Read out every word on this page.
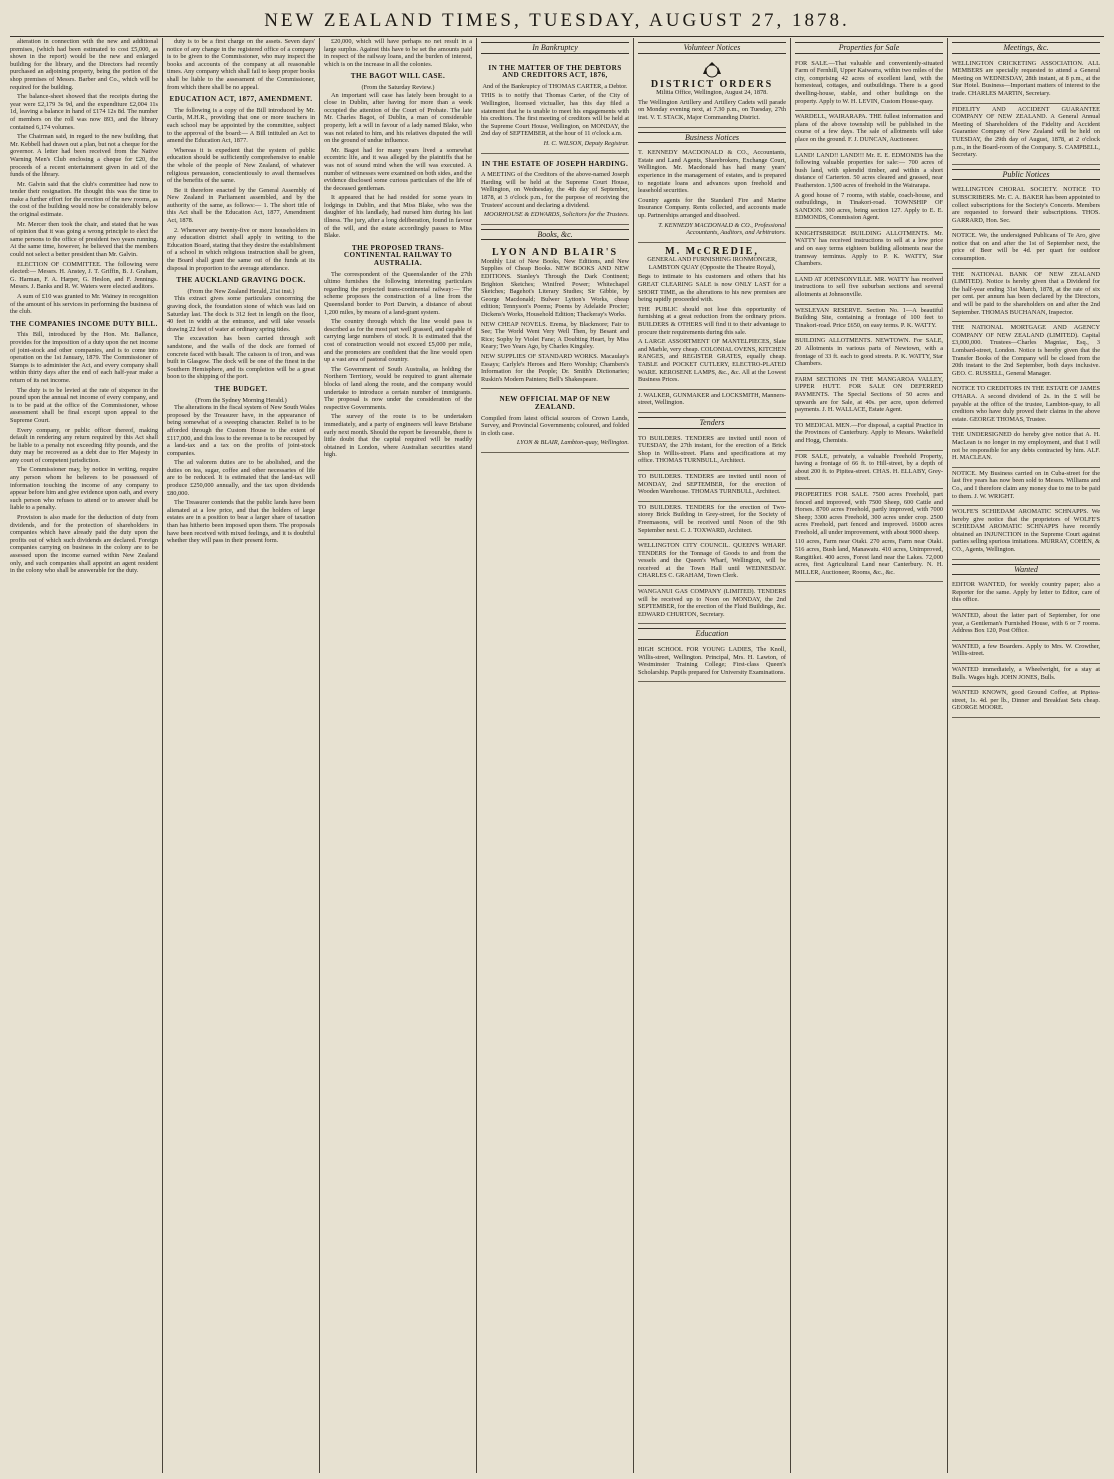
NEW ZEALAND TIMES, TUESDAY, AUGUST 27, 1878.

alteration in connection with the new and additional premises, (which had been estimated to cost £5,000, as shown in the report) would be the new and enlarged building for the library, and the Directors had recently purchased an adjoining property, being the portion of the shop premises of Messrs. Barber and Co., which will be required for the building.

The balance-sheet showed that the receipts during the year were £2,179 3s 9d, and the expenditure £2,004 11s 1d, leaving a balance in hand of £174 12s 8d. The number of members on the roll was now 893, and the library contained 6,174 volumes.

The Chairman said, in regard to the new building, that Mr. Kebbell had drawn out a plan, but not a cheque for the governor. A letter had been received from the Native Warning Men's Club enclosing a cheque for £20, the proceeds of a recent entertainment given in aid of the funds of the library.

Mr. Galvin said that the club's committee had now to tender their resignation. He thought this was the time to make a further effort for the erection of the new rooms, as the cost of the building would now be considerably below the original estimate.

Mr. Mercer then took the chair, and stated that he was of opinion that it was going a wrong principle to elect the same persons to the office of president two years running. At the same time, however, he believed that the members could not select a better president than Mr. Galvin.

ELECTION OF COMMITTEE. The following were elected:— Messrs. H. Anstey, J. T. Griffin, B. J. Graham, G. Harman, F. A. Harper, G. Heslon, and F. Jennings. Messrs. J. Banks and R. W. Waters were elected auditors.

A sum of £10 was granted to Mr. Wainey in recognition of the amount of his services in performing the business of the club.

THE COMPANIES INCOME DUTY BILL.

This Bill, introduced by the Hon. Mr. Ballance, provides for the imposition of a duty upon the net income of joint-stock and other companies, and is to come into operation on the 1st January, 1879. The Commissioner of Stamps is to administer the Act, and every company shall within thirty days after the end of each half-year make a return of its net income.

The duty is to be levied at the rate of sixpence in the pound upon the annual net income of every company, and is to be paid at the office of the Commissioner, whose assessment shall be final except upon appeal to the Supreme Court.

Every company, or public officer thereof, making default in rendering any return required by this Act shall be liable to a penalty not exceeding fifty pounds, and the duty may be recovered as a debt due to Her Majesty in any court of competent jurisdiction.

The Commissioner may, by notice in writing, require any person whom he believes to be possessed of information touching the income of any company to appear before him and give evidence upon oath, and every such person who refuses to attend or to answer shall be liable to a penalty.

Provision is also made for the deduction of duty from dividends, and for the protection of shareholders in companies which have already paid the duty upon the profits out of which such dividends are declared. Foreign companies carrying on business in the colony are to be assessed upon the income earned within New Zealand only, and such companies shall appoint an agent resident in the colony who shall be answerable for the duty.

duty is to be a first charge on the assets. Seven days' notice of any change in the registered office of a company is to be given to the Commissioner, who may inspect the books and accounts of the company at all reasonable times. Any company which shall fail to keep proper books shall be liable to the assessment of the Commissioner, from which there shall be no appeal.

EDUCATION ACT, 1877, AMENDMENT.

The following is a copy of the Bill introduced by Mr. Curtis, M.H.R., providing that one or more teachers in each school may be appointed by the committee, subject to the approval of the board:— A Bill intituled an Act to amend the Education Act, 1877.

Whereas it is expedient that the system of public education should be sufficiently comprehensive to enable the whole of the people of New Zealand, of whatever religious persuasion, conscientiously to avail themselves of the benefits of the same.

Be it therefore enacted by the General Assembly of New Zealand in Parliament assembled, and by the authority of the same, as follows:— 1. The short title of this Act shall be the Education Act, 1877, Amendment Act, 1878.

2. Whenever any twenty-five or more householders in any education district shall apply in writing to the Education Board, stating that they desire the establishment of a school in which religious instruction shall be given, the Board shall grant the same out of the funds at its disposal in proportion to the average attendance.

THE AUCKLAND GRAVING DOCK.
(From the New Zealand Herald, 21st inst.)

This extract gives some particulars concerning the graving dock, the foundation stone of which was laid on Saturday last. The dock is 312 feet in length on the floor, 40 feet in width at the entrance, and will take vessels drawing 22 feet of water at ordinary spring tides.

The excavation has been carried through soft sandstone, and the walls of the dock are formed of concrete faced with basalt. The caisson is of iron, and was built in Glasgow. The dock will be one of the finest in the Southern Hemisphere, and its completion will be a great boon to the shipping of the port.

THE BUDGET.
(From the Sydney Morning Herald.)

The alterations in the fiscal system of New South Wales proposed by the Treasurer have, in the appearance of being somewhat of a sweeping character. Relief is to be afforded through the Custom House to the extent of £117,000, and this loss to the revenue is to be recouped by a land-tax and a tax on the profits of joint-stock companies.

The ad valorem duties are to be abolished, and the duties on tea, sugar, coffee and other necessaries of life are to be reduced. It is estimated that the land-tax will produce £250,000 annually, and the tax upon dividends £80,000.

The Treasurer contends that the public lands have been alienated at a low price, and that the holders of large estates are in a position to bear a larger share of taxation than has hitherto been imposed upon them. The proposals have been received with mixed feelings, and it is doubtful whether they will pass in their present form.

£20,000, which will have perhaps no net result in a large surplus. Against this have to be set the amounts paid in respect of the railway loans, and the burden of interest, which is on the increase in all the colonies.

THE BAGOT WILL CASE.
(From the Saturday Review.)

An important will case has lately been brought to a close in Dublin, after having for more than a week occupied the attention of the Court of Probate. The late Mr. Charles Bagot, of Dublin, a man of considerable property, left a will in favour of a lady named Blake, who was not related to him, and his relatives disputed the will on the ground of undue influence.

Mr. Bagot had for many years lived a somewhat eccentric life, and it was alleged by the plaintiffs that he was not of sound mind when the will was executed. A number of witnesses were examined on both sides, and the evidence disclosed some curious particulars of the life of the deceased gentleman.

It appeared that he had resided for some years in lodgings in Dublin, and that Miss Blake, who was the daughter of his landlady, had nursed him during his last illness. The jury, after a long deliberation, found in favour of the will, and the estate accordingly passes to Miss Blake.

THE PROPOSED TRANS-CONTINENTAL RAILWAY TO AUSTRALIA.

The correspondent of the Queenslander of the 27th ultimo furnishes the following interesting particulars regarding the projected trans-continental railway:— The scheme proposes the construction of a line from the Queensland border to Port Darwin, a distance of about 1,200 miles, by means of a land-grant system.

The country through which the line would pass is described as for the most part well grassed, and capable of carrying large numbers of stock. It is estimated that the cost of construction would not exceed £5,000 per mile, and the promoters are confident that the line would open up a vast area of pastoral country.

The Government of South Australia, as holding the Northern Territory, would be required to grant alternate blocks of land along the route, and the company would undertake to introduce a certain number of immigrants. The proposal is now under the consideration of the respective Governments.

The survey of the route is to be undertaken immediately, and a party of engineers will leave Brisbane early next month. Should the report be favourable, there is little doubt that the capital required will be readily obtained in London, where Australian securities stand high.

In Bankruptcy
IN THE MATTER OF THE DEBTORS AND CREDITORS ACT, 1876,

And of the Bankruptcy of THOMAS CARTER, a Debtor.

THIS is to notify that Thomas Carter, of the City of Wellington, licensed victualler, has this day filed a statement that he is unable to meet his engagements with his creditors. The first meeting of creditors will be held at the Supreme Court House, Wellington, on MONDAY, the 2nd day of SEPTEMBER, at the hour of 11 o'clock a.m.

H. C. WILSON, Deputy Registrar.

IN THE ESTATE OF JOSEPH HARDING.

A MEETING of the Creditors of the above-named Joseph Harding will be held at the Supreme Court House, Wellington, on Wednesday, the 4th day of September, 1878, at 3 o'clock p.m., for the purpose of receiving the Trustees' account and declaring a dividend.

MOORHOUSE & EDWARDS, Solicitors for the Trustees.

Books, &c.
LYON AND BLAIR'S

Monthly List of New Books, New Editions, and New Supplies of Cheap Books. NEW BOOKS AND NEW EDITIONS. Stanley's Through the Dark Continent; Brighton Sketches; Winifred Power; Whitechapel Sketches; Bagehot's Literary Studies; Sir Gibbie, by George Macdonald; Bulwer Lytton's Works, cheap edition; Tennyson's Poems; Poems by Adelaide Procter; Dickens's Works, Household Edition; Thackeray's Works.

NEW CHEAP NOVELS. Erema, by Blackmore; Fair to See; The World Went Very Well Then, by Besant and Rice; Sophy by Violet Fane; A Doubting Heart, by Miss Keary; Two Years Ago, by Charles Kingsley.

NEW SUPPLIES OF STANDARD WORKS. Macaulay's Essays; Carlyle's Heroes and Hero Worship; Chambers's Information for the People; Dr. Smith's Dictionaries; Ruskin's Modern Painters; Bell's Shakespeare.

NEW OFFICIAL MAP OF NEW ZEALAND.

Compiled from latest official sources of Crown Lands, Survey, and Provincial Governments; coloured, and folded in cloth case.

LYON & BLAIR, Lambton-quay, Wellington.

Volunteer Notices
DISTRICT ORDERS

Militia Office, Wellington, August 24, 1878.

The Wellington Artillery and Artillery Cadets will parade on Monday evening next, at 7.30 p.m., on Tuesday, 27th inst. V. T. STACK, Major Commanding District.

Business Notices

T. KENNEDY MACDONALD & CO., Accountants, Estate and Land Agents, Sharebrokers, Exchange Court, Wellington. Mr. Macdonald has had many years' experience in the management of estates, and is prepared to negotiate loans and advances upon freehold and leasehold securities.

Country agents for the Standard Fire and Marine Insurance Company. Rents collected, and accounts made up. Partnerships arranged and dissolved.

T. KENNEDY MACDONALD & CO., Professional Accountants, Auditors, and Arbitrators.

M. McCREDIE,

GENERAL AND FURNISHING IRONMONGER, LAMBTON QUAY (Opposite the Theatre Royal),

Begs to intimate to his customers and others that his GREAT CLEARING SALE is now ONLY LAST for a SHORT TIME, as the alterations to his new premises are being rapidly proceeded with.

THE PUBLIC should not lose this opportunity of furnishing at a great reduction from the ordinary prices. BUILDERS & OTHERS will find it to their advantage to procure their requirements during this sale.

A LARGE ASSORTMENT OF MANTELPIECES, Slate and Marble, very cheap. COLONIAL OVENS, KITCHEN RANGES, and REGISTER GRATES, equally cheap. TABLE and POCKET CUTLERY, ELECTRO-PLATED WARE. KEROSENE LAMPS, &c., &c. All at the Lowest Business Prices.

J. WALKER, GUNMAKER and LOCKSMITH, Manners-street, Wellington.

Tenders

TO BUILDERS. TENDERS are invited until noon of TUESDAY, the 27th instant, for the erection of a Brick Shop in Willis-street. Plans and specifications at my office. THOMAS TURNBULL, Architect.

TO BUILDERS. TENDERS are invited until noon of MONDAY, 2nd SEPTEMBER, for the erection of Wooden Warehouse. THOMAS TURNBULL, Architect.

TO BUILDERS. TENDERS for the erection of Two-storey Brick Building in Grey-street, for the Society of Freemasons, will be received until Noon of the 9th September next. C. J. TOXWARD, Architect.

WELLINGTON CITY COUNCIL. QUEEN'S WHARF. TENDERS for the Tonnage of Goods to and from the vessels and the Queen's Wharf, Wellington, will be received at the Town Hall until WEDNESDAY. CHARLES C. GRAHAM, Town Clerk.

WANGANUI GAS COMPANY (LIMITED). TENDERS will be received up to Noon on MONDAY, the 2nd SEPTEMBER, for the erection of the Fluid Buildings, &c. EDWARD CHURTON, Secretary.

Education

HIGH SCHOOL FOR YOUNG LADIES, The Knoll, Willis-street, Wellington. Principal, Mrs. H. Lawton, of Westminster Training College; First-class Queen's Scholarship. Pupils prepared for University Examinations.

Properties for Sale

FOR SALE.—That valuable and conveniently-situated Farm of Fernhill, Upper Kaiwarra, within two miles of the city, comprising 42 acres of excellent land, with the homestead, cottages, and outbuildings. There is a good dwelling-house, stable, and other buildings on the property. Apply to W. H. LEVIN, Custom House-quay.

WARDELL, WAIRARAPA. THE fullest information and plans of the above township will be published in the course of a few days. The sale of allotments will take place on the ground. F. J. DUNCAN, Auctioneer.

LAND! LAND!! LAND!!! Mr. E. E. EDMONDS has the following valuable properties for sale:— 700 acres of bush land, with splendid timber, and within a short distance of Carterton. 50 acres cleared and grassed, near Featherston. 1,500 acres of freehold in the Wairarapa.

A good house of 7 rooms, with stable, coach-house, and outbuildings, in Tinakori-road. TOWNSHIP OF SANDON. 300 acres, being section 127. Apply to E. E. EDMONDS, Commission Agent.

KNIGHTSBRIDGE BUILDING ALLOTMENTS. Mr. WATTY has received instructions to sell at a low price and on easy terms eighteen building allotments near the tramway terminus. Apply to P. K. WATTY, Star Chambers.

LAND AT JOHNSONVILLE. MR. WATTY has received instructions to sell five suburban sections and several allotments at Johnsonville.

WESLEYAN RESERVE. Section No. 1—A beautiful Building Site, containing a frontage of 100 feet to Tinakori-road. Price £650, on easy terms. P. K. WATTY.

BUILDING ALLOTMENTS. NEWTOWN. For SALE, 20 Allotments in various parts of Newtown, with a frontage of 33 ft. each to good streets. P. K. WATTY, Star Chambers.

FARM SECTIONS IN THE MANGAROA VALLEY, UPPER HUTT. FOR SALE ON DEFERRED PAYMENTS. The Special Sections of 50 acres and upwards are for Sale, at 40s. per acre, upon deferred payments. J. H. WALLACE, Estate Agent.

TO MEDICAL MEN.—For disposal, a capital Practice in the Provinces of Canterbury. Apply to Messrs. Wakefield and Hogg, Chemists.

FOR SALE, privately, a valuable Freehold Property, having a frontage of 66 ft. to Hill-street, by a depth of about 200 ft. to Pipitea-street. CHAS. H. ELLABY, Grey-street.

PROPERTIES FOR SALE. 7500 acres Freehold, part fenced and improved, with 7500 Sheep, 600 Cattle and Horses. 8700 acres Freehold, partly improved, with 7000 Sheep; 3300 acres Freehold, 300 acres under crop. 2500 acres Freehold, part fenced and improved. 16000 acres Freehold, all under improvement, with about 9000 sheep.

110 acres, Farm near Otaki. 270 acres, Farm near Otaki. 516 acres, Bush land, Manawatu. 410 acres, Unimproved, Rangitikei. 400 acres, Forest land near the Lakes. 72,000 acres, first Agricultural Land near Canterbury. N. H. MILLER, Auctioneer, Rooms, &c., &c.

Meetings, &c.

WELLINGTON CRICKETING ASSOCIATION. ALL MEMBERS are specially requested to attend a General Meeting on WEDNESDAY, 28th instant, at 8 p.m., at the Star Hotel. Business—Important matters of interest to the trade. CHARLES MARTIN, Secretary.

FIDELITY AND ACCIDENT GUARANTEE COMPANY OF NEW ZEALAND. A General Annual Meeting of Shareholders of the Fidelity and Accident Guarantee Company of New Zealand will be held on TUESDAY, the 29th day of August, 1878, at 2 o'clock p.m., in the Board-room of the Company. S. CAMPBELL, Secretary.

Public Notices

WELLINGTON CHORAL SOCIETY. NOTICE TO SUBSCRIBERS. Mr. C. A. BAKER has been appointed to collect subscriptions for the Society's Concerts. Members are requested to forward their subscriptions. THOS. GARRARD, Hon. Sec.

NOTICE. We, the undersigned Publicans of Te Aro, give notice that on and after the 1st of September next, the price of Beer will be 4d. per quart for outdoor consumption.

THE NATIONAL BANK OF NEW ZEALAND (LIMITED). Notice is hereby given that a Dividend for the half-year ending 31st March, 1878, at the rate of six per cent. per annum has been declared by the Directors, and will be paid to the shareholders on and after the 2nd September. THOMAS BUCHANAN, Inspector.

THE NATIONAL MORTGAGE AND AGENCY COMPANY OF NEW ZEALAND (LIMITED). Capital £3,000,000. Trustees—Charles Magniac, Esq., 3 Lombard-street, London. Notice is hereby given that the Transfer Books of the Company will be closed from the 20th instant to the 2nd September, both days inclusive. GEO. C. RUSSELL, General Manager.

NOTICE TO CREDITORS IN THE ESTATE OF JAMES O'HARA. A second dividend of 2s. in the £ will be payable at the office of the trustee, Lambton-quay, to all creditors who have duly proved their claims in the above estate. GEORGE THOMAS, Trustee.

THE UNDERSIGNED do hereby give notice that A. H. MacLean is no longer in my employment, and that I will not be responsible for any debts contracted by him. ALF. H. MACLEAN.

NOTICE. My Business carried on in Cuba-street for the last five years has now been sold to Messrs. Williams and Co., and I therefore claim any money due to me to be paid to them. J. W. WRIGHT.

WOLFE'S SCHIEDAM AROMATIC SCHNAPPS. We hereby give notice that the proprietors of WOLFE'S SCHIEDAM AROMATIC SCHNAPPS have recently obtained an INJUNCTION in the Supreme Court against parties selling spurious imitations. MURRAY, COHEN, & CO., Agents, Wellington.

Wanted

EDITOR WANTED, for weekly country paper; also a Reporter for the same. Apply by letter to Editor, care of this office.

WANTED, about the latter part of September, for one year, a Gentleman's Furnished House, with 6 or 7 rooms. Address Box 120, Post Office.

WANTED, a few Boarders. Apply to Mrs. W. Crowther, Willis-street.

WANTED immediately, a Wheelwright, for a stay at Bulls. Wages high. JOHN JONES, Bulls.

WANTED KNOWN, good Ground Coffee, at Pipitea-street, 1s. 4d. per lb., Dinner and Breakfast Sets cheap. GEORGE MOORE.
